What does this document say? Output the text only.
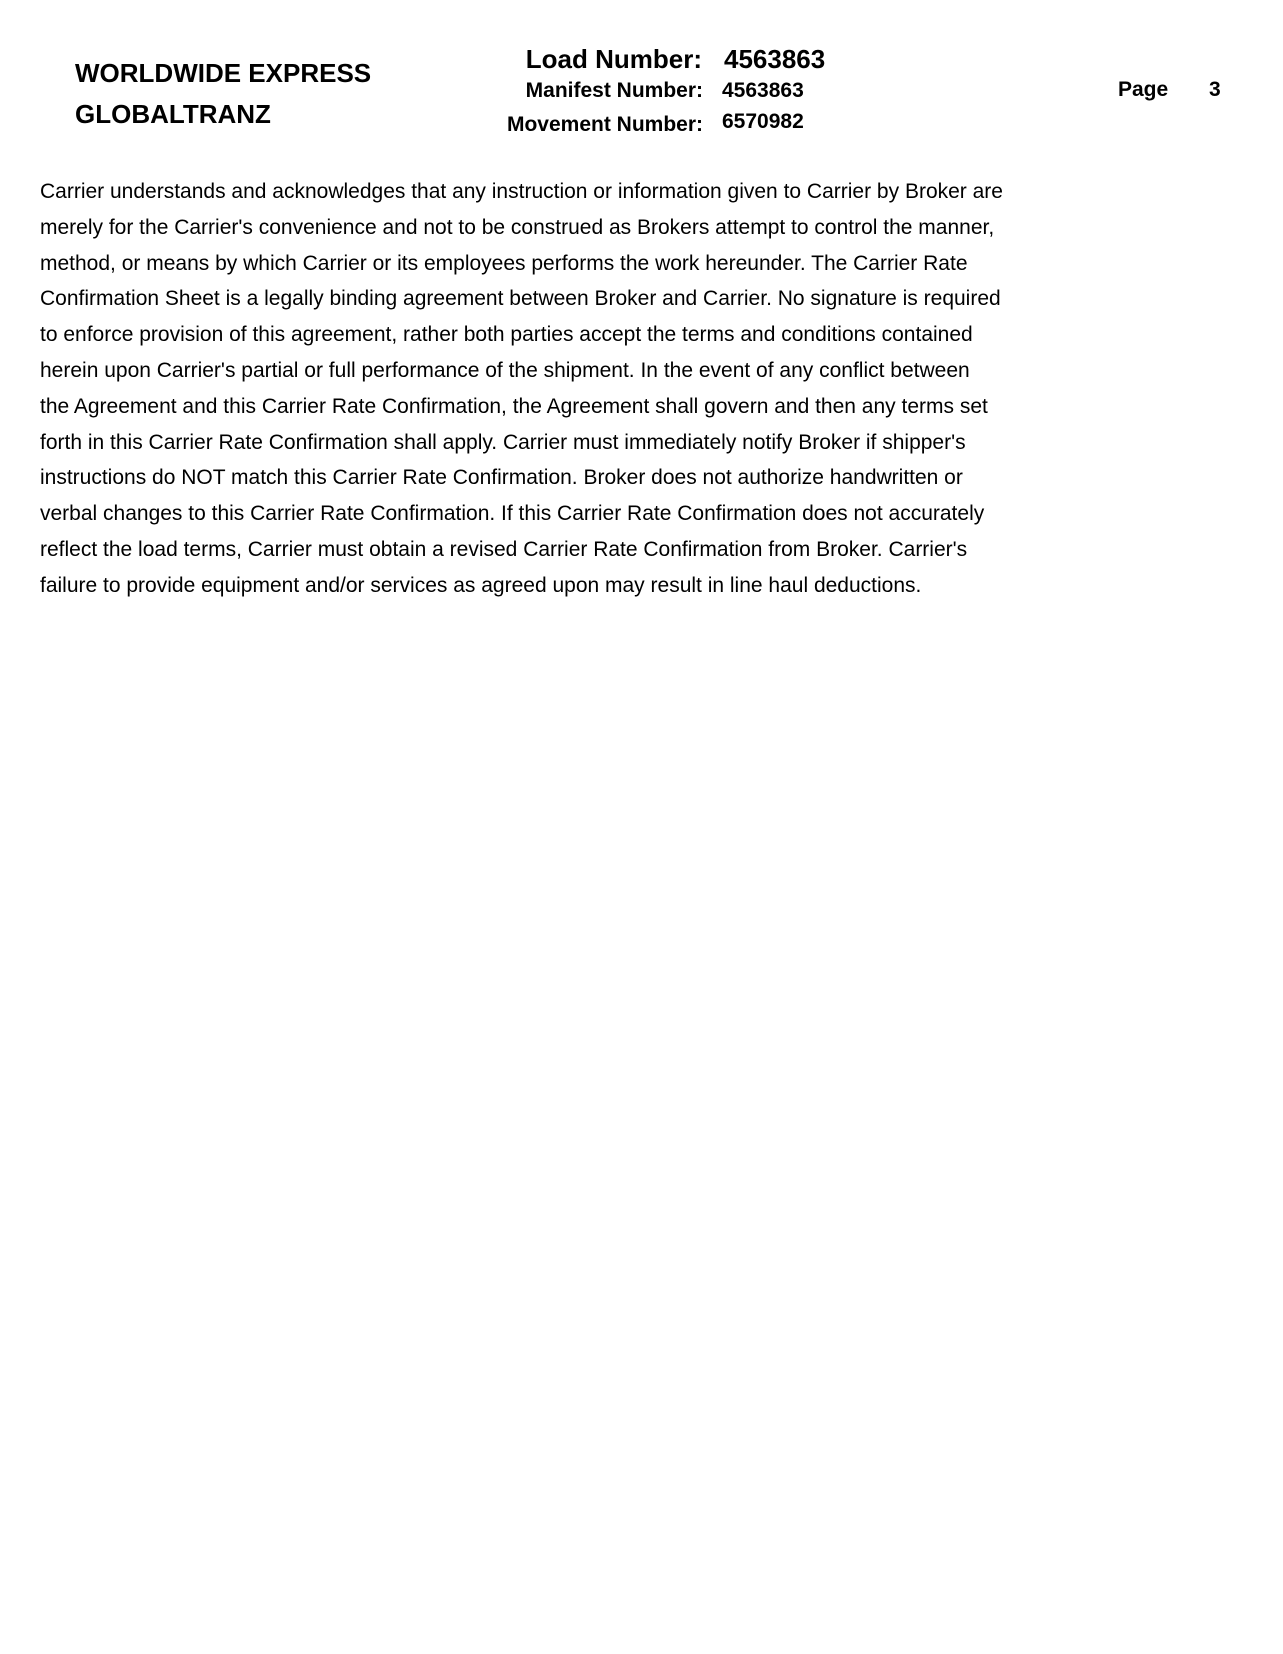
WORLDWIDE EXPRESS
GLOBALTRANZ
Load Number: 4563863
Manifest Number: 4563863
Movement Number: 6570982
Page 3
Carrier understands and acknowledges that any instruction or information given to Carrier by Broker are
merely for the Carrier's convenience and not to be construed as Brokers attempt to control the manner,
method, or means by which Carrier or its employees performs the work hereunder. The Carrier Rate
Confirmation Sheet is a legally binding agreement between Broker and Carrier. No signature is required
to enforce provision of this agreement, rather both parties accept the terms and conditions contained
herein upon Carrier's partial or full performance of the shipment. In the event of any conflict between
the Agreement and this Carrier Rate Confirmation, the Agreement shall govern and then any terms set
forth in this Carrier Rate Confirmation shall apply. Carrier must immediately notify Broker if shipper's
instructions do NOT match this Carrier Rate Confirmation. Broker does not authorize handwritten or
verbal changes to this Carrier Rate Confirmation. If this Carrier Rate Confirmation does not accurately
reflect the load terms, Carrier must obtain a revised Carrier Rate Confirmation from Broker. Carrier's
failure to provide equipment and/or services as agreed upon may result in line haul deductions.
